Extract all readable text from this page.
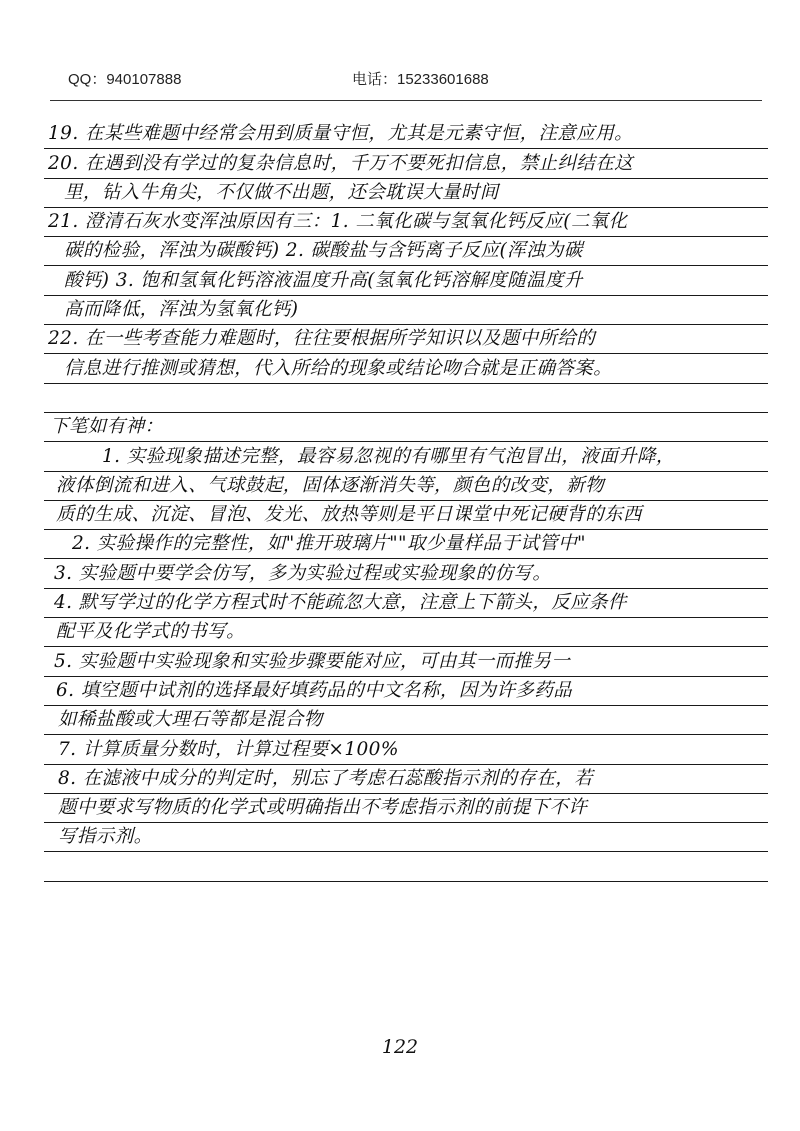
QQ：940107888	电话：15233601688
19. 在某些难题中经常会用到质量守恒，尤其是元素守恒，注意应用。
20. 在遇到没有学过的复杂信息时，千万不要死扣信息，禁止纠结在这
里，钻入牛角尖，不仅做不出题，还会耽误大量时间
21. 澄清石灰水变浑浊原因有三：1. 二氧化碳与氢氧化钙反应(二氧化
碳的检验，浑浊为碳酸钙) 2. 碳酸盐与含钙离子反应(浑浊为碳
酸钙) 3. 饱和氢氧化钙溶液温度升高(氢氧化钙溶解度随温度升
高而降低，浑浊为氢氧化钙)
22. 在一些考查能力难题时，往往要根据所学知识以及题中所给的
信息进行推测或猜想，代入所给的现象或结论吻合就是正确答案。
下笔如有神：
1. 实验现象描述完整，最容易忽视的有哪里有气泡冒出，液面升降，
液体倒流和进入、气球鼓起，固体逐渐消失等，颜色的改变，新物
质的生成、沉淀、冒泡、发光、放热等则是平日课堂中死记硬背的东西
2. 实验操作的完整性，如"推开玻璃片""取少量样品于试管中"
3. 实验题中要学会仿写，多为实验过程或实验现象的仿写。
4. 默写学过的化学方程式时不能疏忽大意，注意上下箭头，反应条件
配平及化学式的书写。
5. 实验题中实验现象和实验步骤要能对应，可由其一而推另一
6. 填空题中试剂的选择最好填药品的中文名称，因为许多药品
如稀盐酸或大理石等都是混合物
7. 计算质量分数时，计算过程要×100%
8. 在滤液中成分的判定时，别忘了考虑石蕊酸指示剂的存在，若
题中要求写物质的化学式或明确指出不考虑指示剂的前提下不许
写指示剂。
122
